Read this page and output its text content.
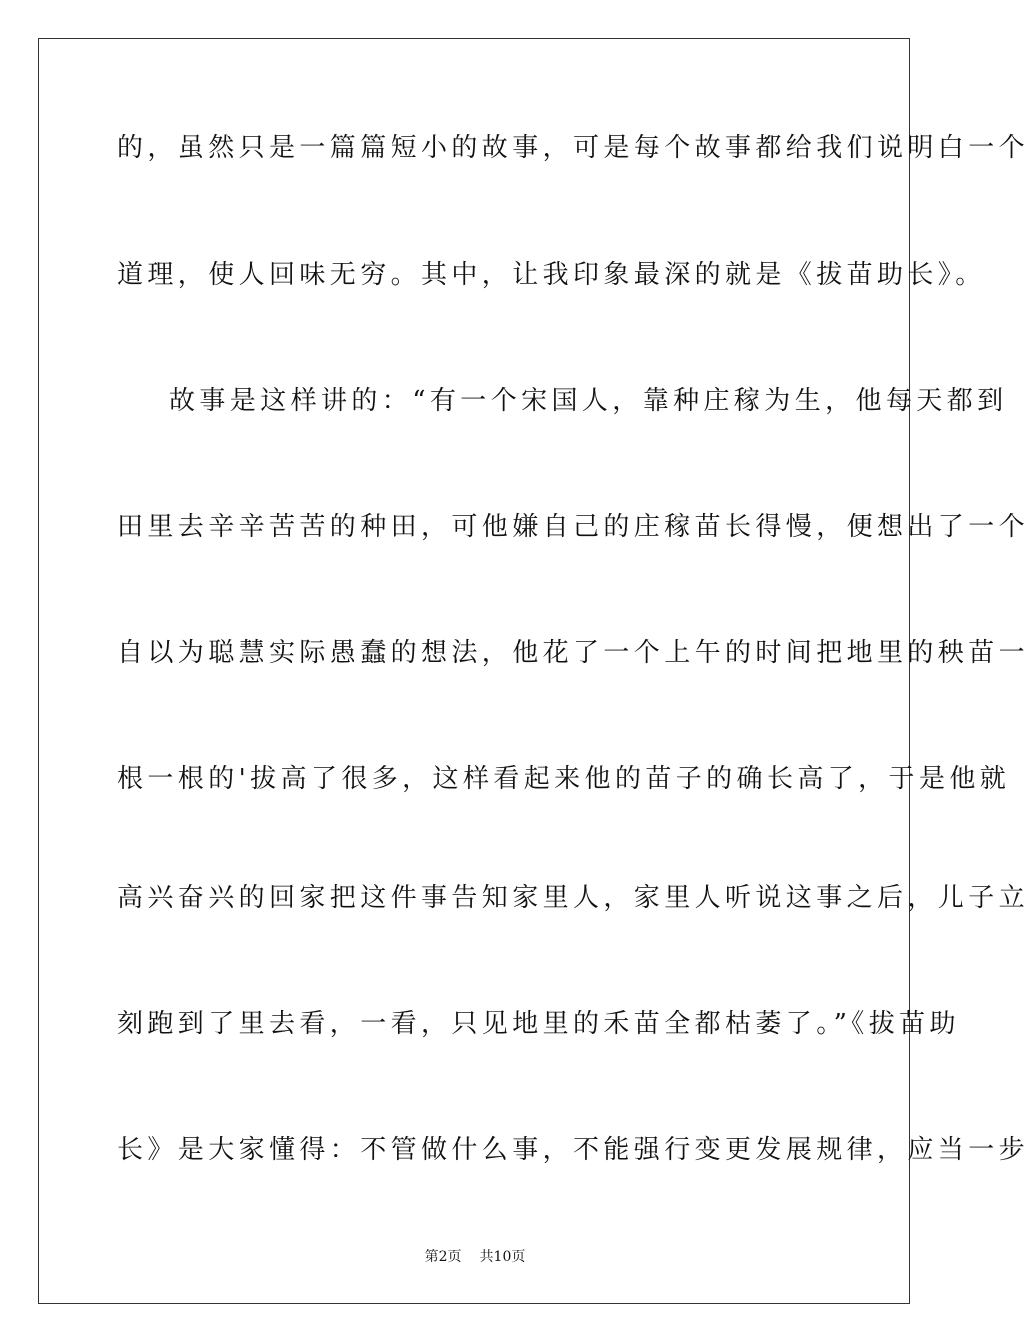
的，虽然只是一篇篇短小的故事，可是每个故事都给我们说明白一个
道理，使人回味无穷。其中，让我印象最深的就是《拔苗助长》。
故事是这样讲的：“有一个宋国人，靠种庄稼为生，他每天都到
田里去辛辛苦苦的种田，可他嫌自己的庄稼苗长得慢，便想出了一个
自以为聪慧实际愚蠢的想法，他花了一个上午的时间把地里的秧苗一
根一根的'拔高了很多，这样看起来他的苗子的确长高了，于是他就
高兴奋兴的回家把这件事告知家里人，家里人听说这事之后，儿子立
刻跑到了里去看，一看，只见地里的禾苗全都枯萎了。”《拔苗助
长》是大家懂得：不管做什么事，不能强行变更发展规律，应当一步
第2页 共10页
